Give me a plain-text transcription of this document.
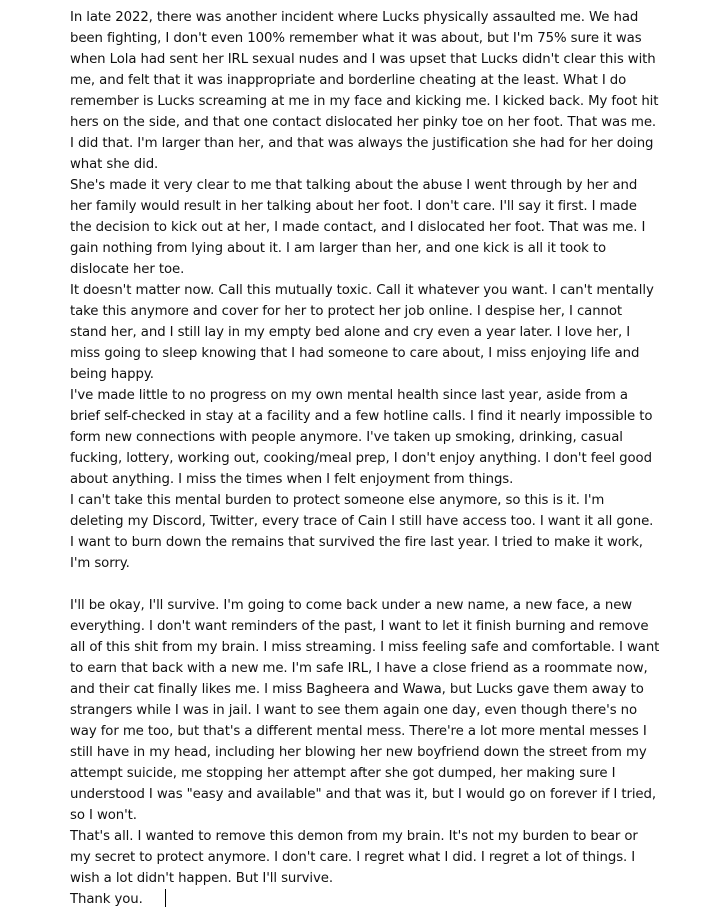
In late 2022, there was another incident where Lucks physically assaulted me. We had been fighting, I don't even 100% remember what it was about, but I'm 75% sure it was when Lola had sent her IRL sexual nudes and I was upset that Lucks didn't clear this with me, and felt that it was inappropriate and borderline cheating at the least. What I do remember is Lucks screaming at me in my face and kicking me. I kicked back. My foot hit hers on the side, and that one contact dislocated her pinky toe on her foot. That was me. I did that. I'm larger than her, and that was always the justification she had for her doing what she did.

She's made it very clear to me that talking about the abuse I went through by her and her family would result in her talking about her foot. I don't care. I'll say it first. I made the decision to kick out at her, I made contact, and I dislocated her foot. That was me. I gain nothing from lying about it. I am larger than her, and one kick is all it took to dislocate her toe.

It doesn't matter now. Call this mutually toxic. Call it whatever you want. I can't mentally take this anymore and cover for her to protect her job online. I despise her, I cannot stand her, and I still lay in my empty bed alone and cry even a year later. I love her, I miss going to sleep knowing that I had someone to care about, I miss enjoying life and being happy.

I've made little to no progress on my own mental health since last year, aside from a brief self-checked in stay at a facility and a few hotline calls. I find it nearly impossible to form new connections with people anymore. I've taken up smoking, drinking, casual fucking, lottery, working out, cooking/meal prep, I don't enjoy anything. I don't feel good about anything. I miss the times when I felt enjoyment from things.

I can't take this mental burden to protect someone else anymore, so this is it. I'm deleting my Discord, Twitter, every trace of Cain I still have access too. I want it all gone. I want to burn down the remains that survived the fire last year. I tried to make it work, I'm sorry.

I'll be okay, I'll survive. I'm going to come back under a new name, a new face, a new everything. I don't want reminders of the past, I want to let it finish burning and remove all of this shit from my brain. I miss streaming. I miss feeling safe and comfortable. I want to earn that back with a new me. I'm safe IRL, I have a close friend as a roommate now, and their cat finally likes me. I miss Bagheera and Wawa, but Lucks gave them away to strangers while I was in jail. I want to see them again one day, even though there's no way for me too, but that's a different mental mess. There're a lot more mental messes I still have in my head, including her blowing her new boyfriend down the street from my attempt suicide, me stopping her attempt after she got dumped, her making sure I understood I was "easy and available" and that was it, but I would go on forever if I tried, so I won't.

That's all. I wanted to remove this demon from my brain. It's not my burden to bear or my secret to protect anymore. I don't care. I regret what I did. I regret a lot of things. I wish a lot didn't happen. But I'll survive.

Thank you.
